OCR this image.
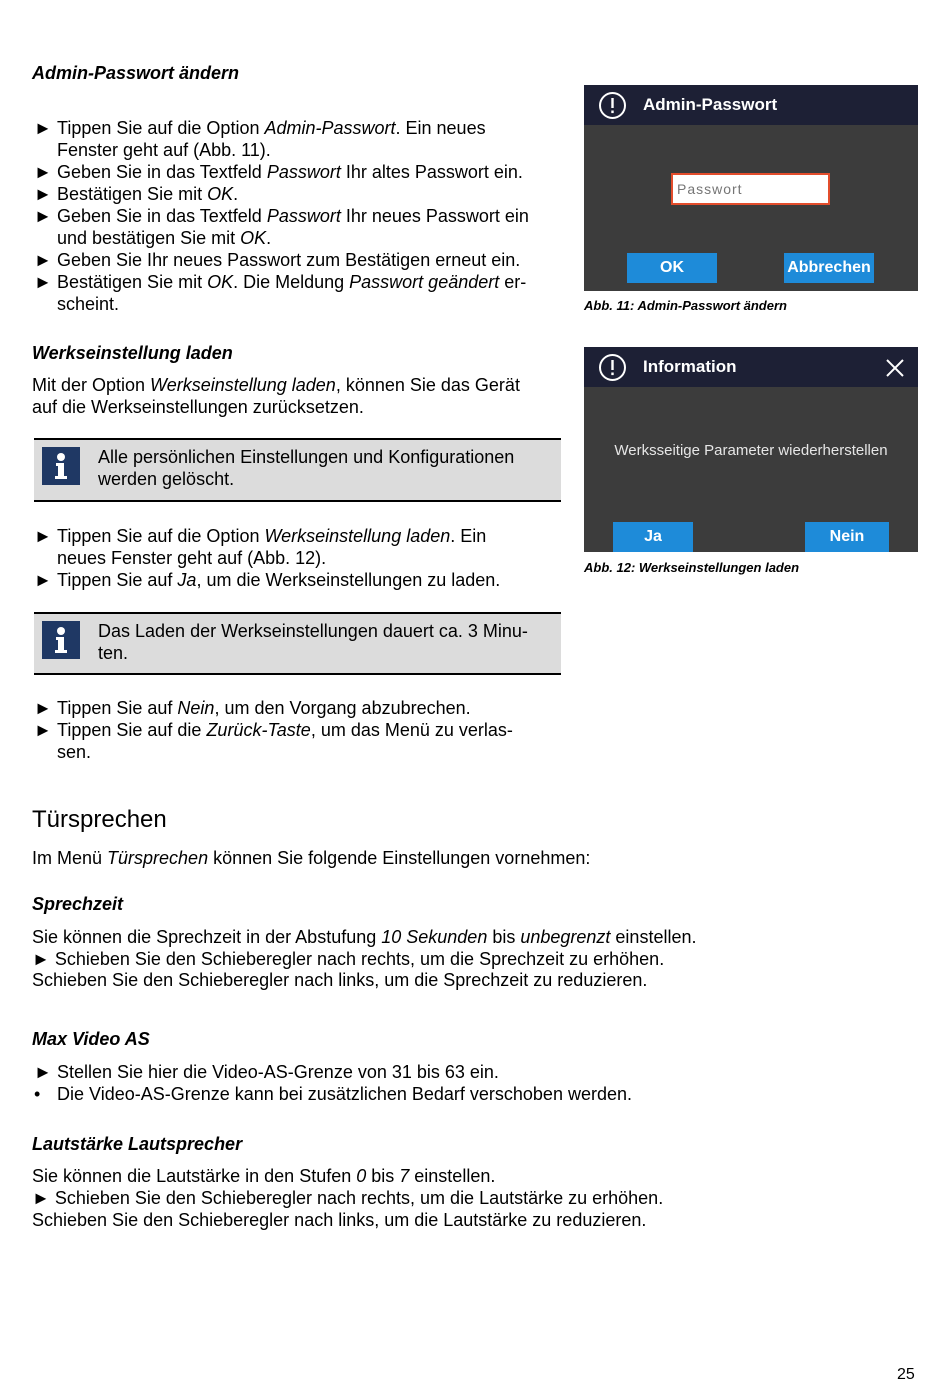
Admin-Passwort ändern
► Tippen Sie auf die Option Admin-Passwort. Ein neues
Fenster geht auf (Abb. 11).
► Geben Sie in das Textfeld Passwort Ihr altes Passwort ein.
► Bestätigen Sie mit OK.
► Geben Sie in das Textfeld Passwort Ihr neues Passwort ein
und bestätigen Sie mit OK.
► Geben Sie Ihr neues Passwort zum Bestätigen erneut ein.
► Bestätigen Sie mit OK. Die Meldung Passwort geändert er-
scheint.
Admin-Passwort
Passwort
OK	Abbrechen
Abb. 11: Admin-Passwort ändern
Werkseinstellung laden
Mit der Option Werkseinstellung laden, können Sie das Gerät
auf die Werkseinstellungen zurücksetzen.
Alle persönlichen Einstellungen und Konfigurationen
werden gelöscht.
► Tippen Sie auf die Option Werkseinstellung laden. Ein
neues Fenster geht auf (Abb. 12).
► Tippen Sie auf Ja, um die Werkseinstellungen zu laden.
Das Laden der Werkseinstellungen dauert ca. 3 Minu-
ten.
► Tippen Sie auf Nein, um den Vorgang abzubrechen.
► Tippen Sie auf die Zurück-Taste, um das Menü zu verlas-
sen.
Information
Werksseitige Parameter wiederherstellen
Ja	Nein
Abb. 12: Werkseinstellungen laden
Türsprechen
Im Menü Türsprechen können Sie folgende Einstellungen vornehmen:
Sprechzeit
Sie können die Sprechzeit in der Abstufung 10 Sekunden bis unbegrenzt einstellen.
► Schieben Sie den Schieberegler nach rechts, um die Sprechzeit zu erhöhen.
Schieben Sie den Schieberegler nach links, um die Sprechzeit zu reduzieren.
Max Video AS
► Stellen Sie hier die Video-AS-Grenze von 31 bis 63 ein.
• Die Video-AS-Grenze kann bei zusätzlichen Bedarf verschoben werden.
Lautstärke Lautsprecher
Sie können die Lautstärke in den Stufen 0 bis 7 einstellen.
► Schieben Sie den Schieberegler nach rechts, um die Lautstärke zu erhöhen.
Schieben Sie den Schieberegler nach links, um die Lautstärke zu reduzieren.
25
